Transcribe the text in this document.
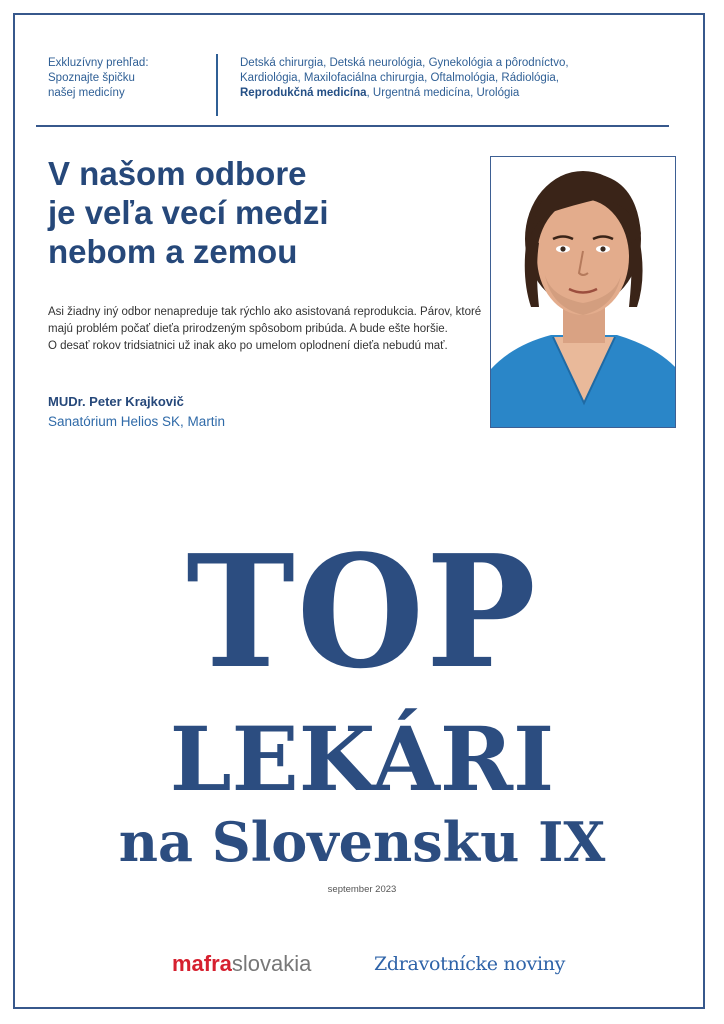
Exkluzívny prehľad:
Spoznajte špičku
našej medicíny
Detská chirurgia, Detská neurológia, Gynekológia a pôrodníctvo,
Kardiológia, Maxilofaciálna chirurgia, Oftalmológia, Rádiológia,
Reprodukčná medicína, Urgentná medicína, Urológia
V našom odbore
je veľa vecí medzi
nebom a zemou
Asi žiadny iný odbor nenapreduje tak rýchlo ako asistovaná reprodukcia. Párov, ktoré
majú problém počať dieťa prirodzeným spôsobom pribúda. A bude ešte horšie.
O desať rokov tridsiatnici už inak ako po umelom oplodnení dieťa nebudú mať.
MUDr. Peter Krajkovič
Sanatórium Helios SK, Martin
TOP
LEKÁRI
na Slovensku IX
september 2023
mafraslovakia	Zdravotnícke noviny
